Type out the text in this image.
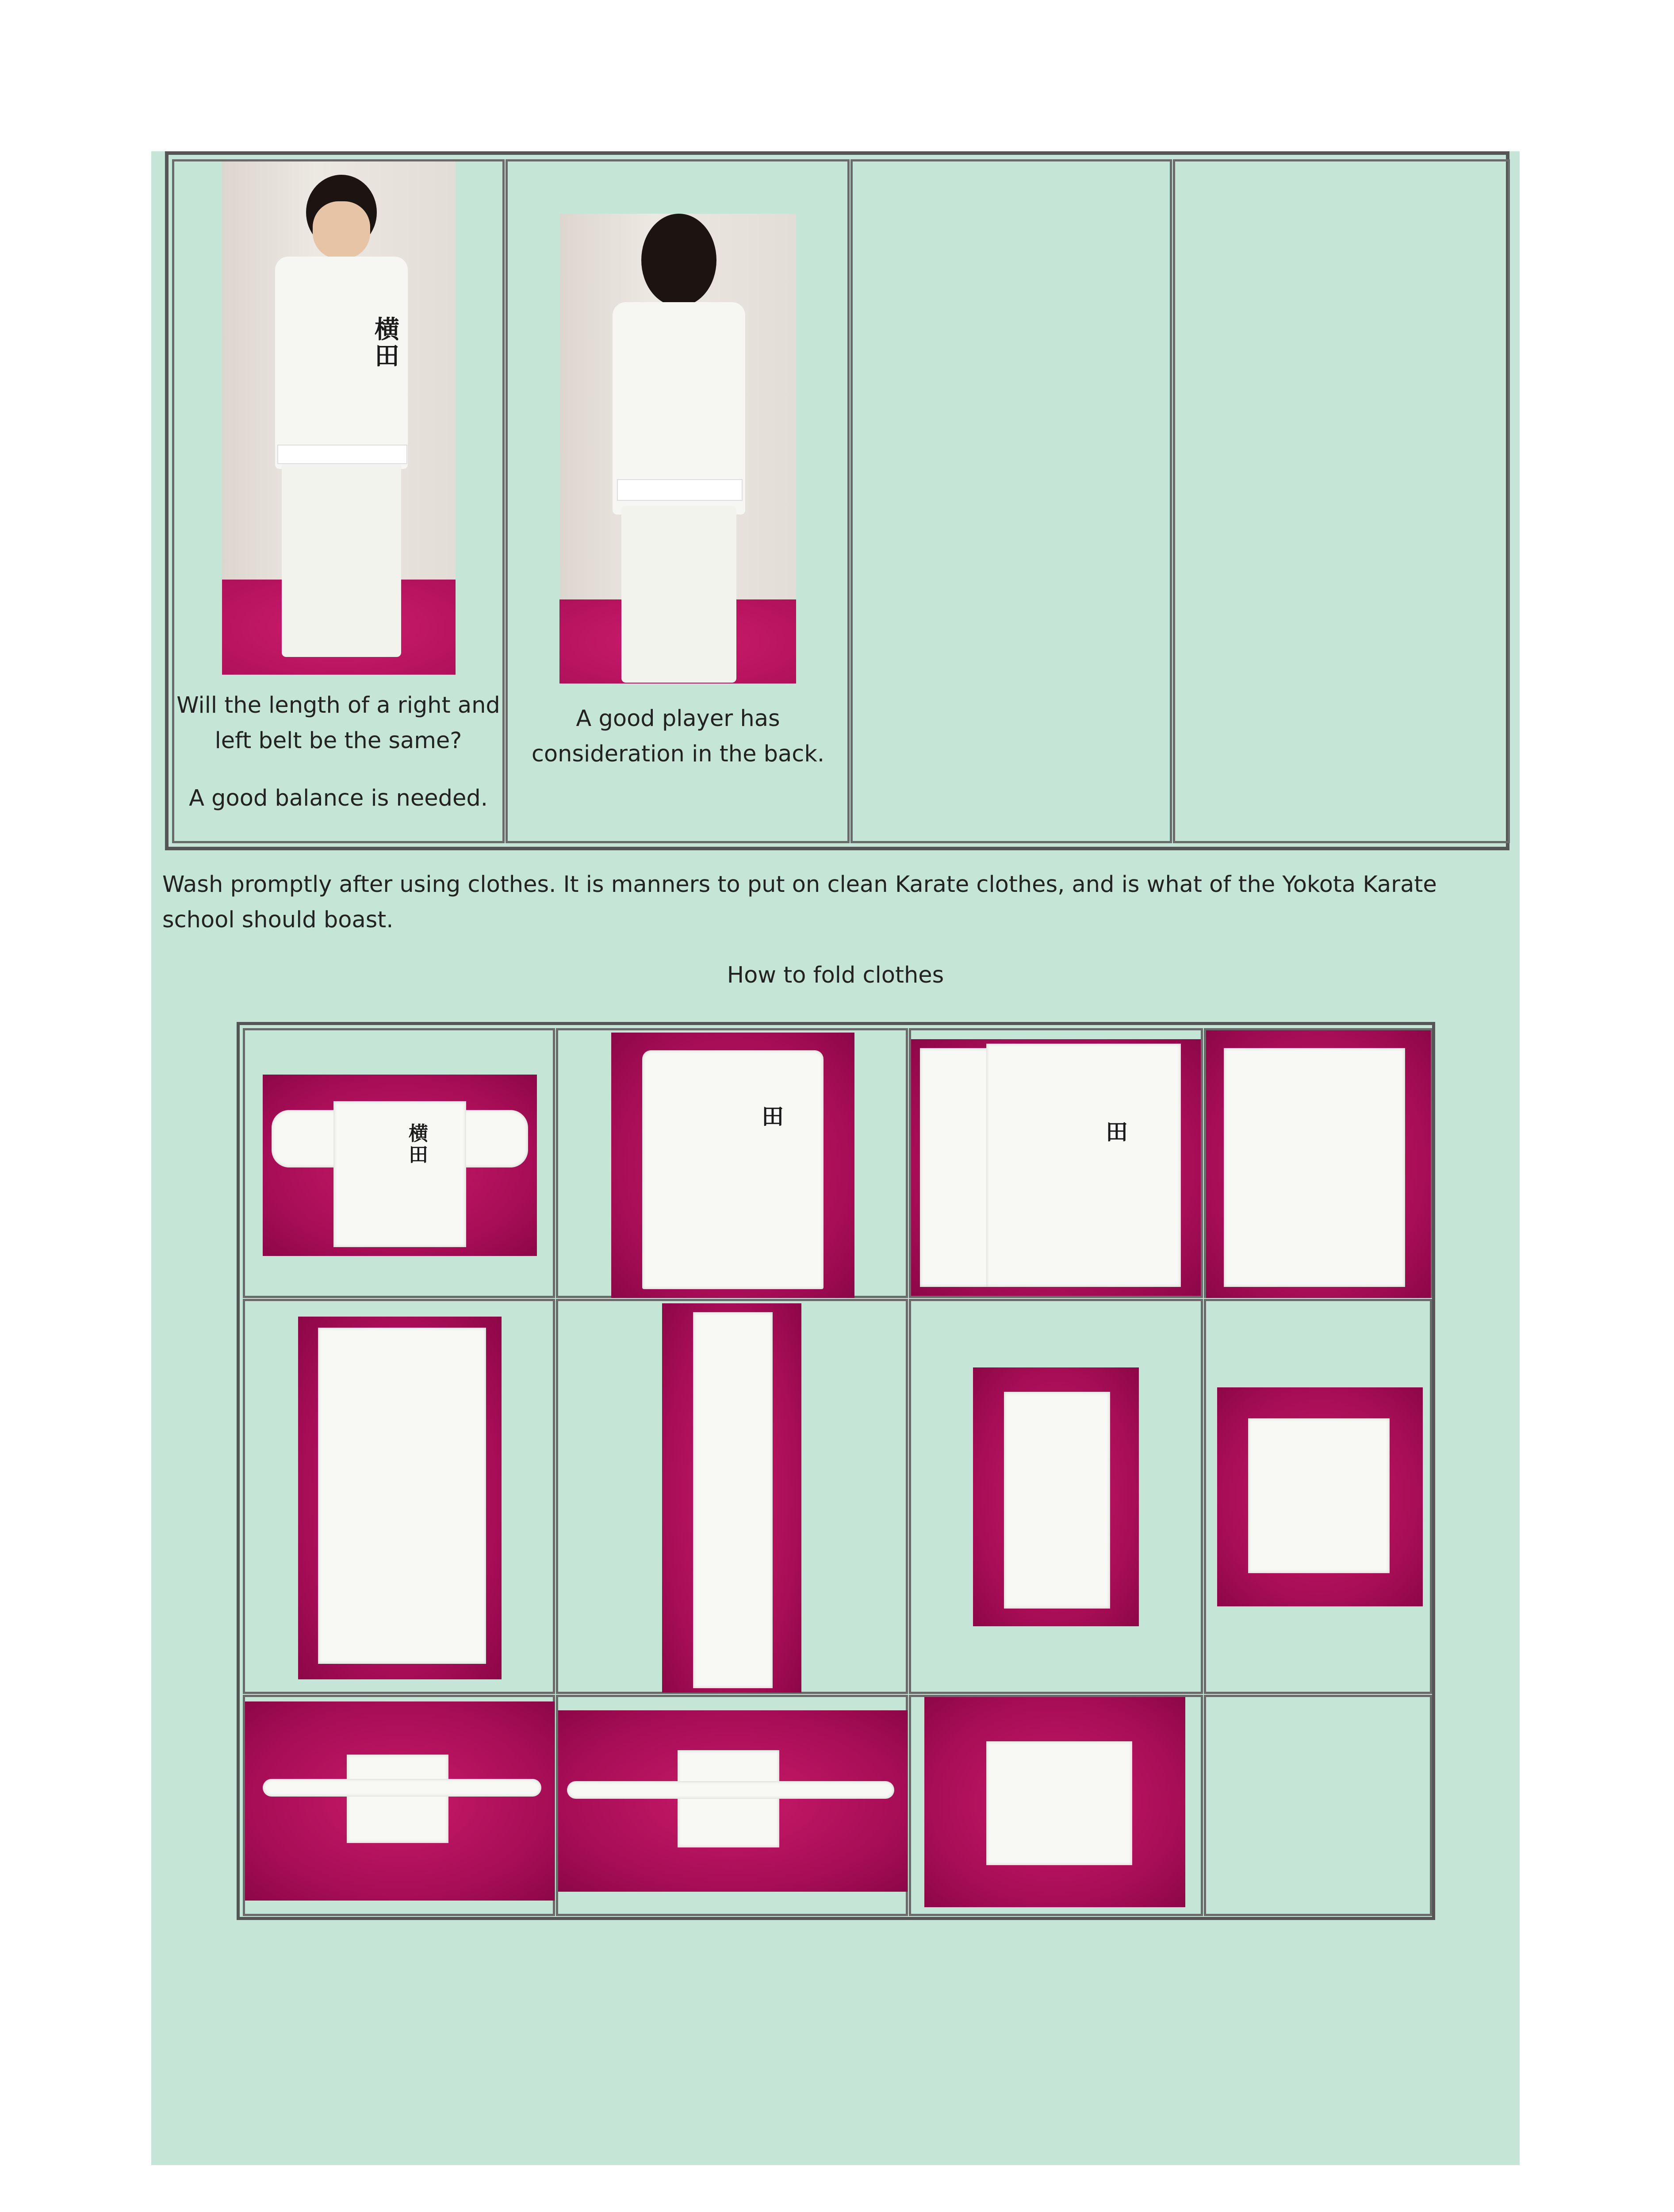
横田

Will the length of a right and left belt be the same?

A good balance is needed.

A good player has consideration in the back.
Wash promptly after using clothes. It is manners to put on clean Karate clothes, and is what of the Yokota Karate school should boast.
How to fold clothes
横田
田
田
